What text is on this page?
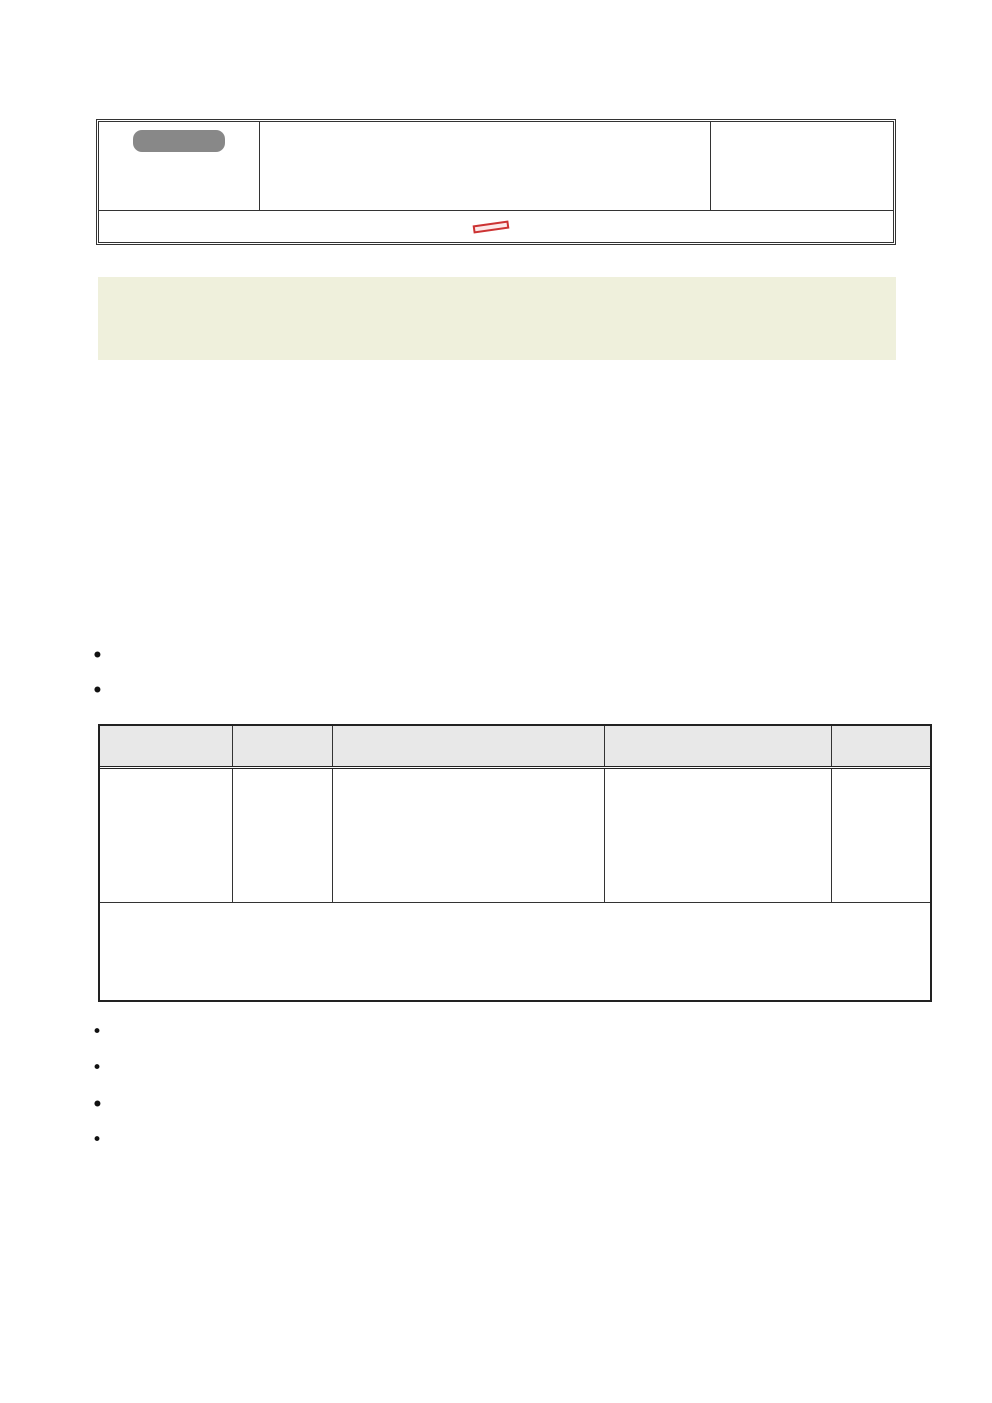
•
•
•
•
•
•
